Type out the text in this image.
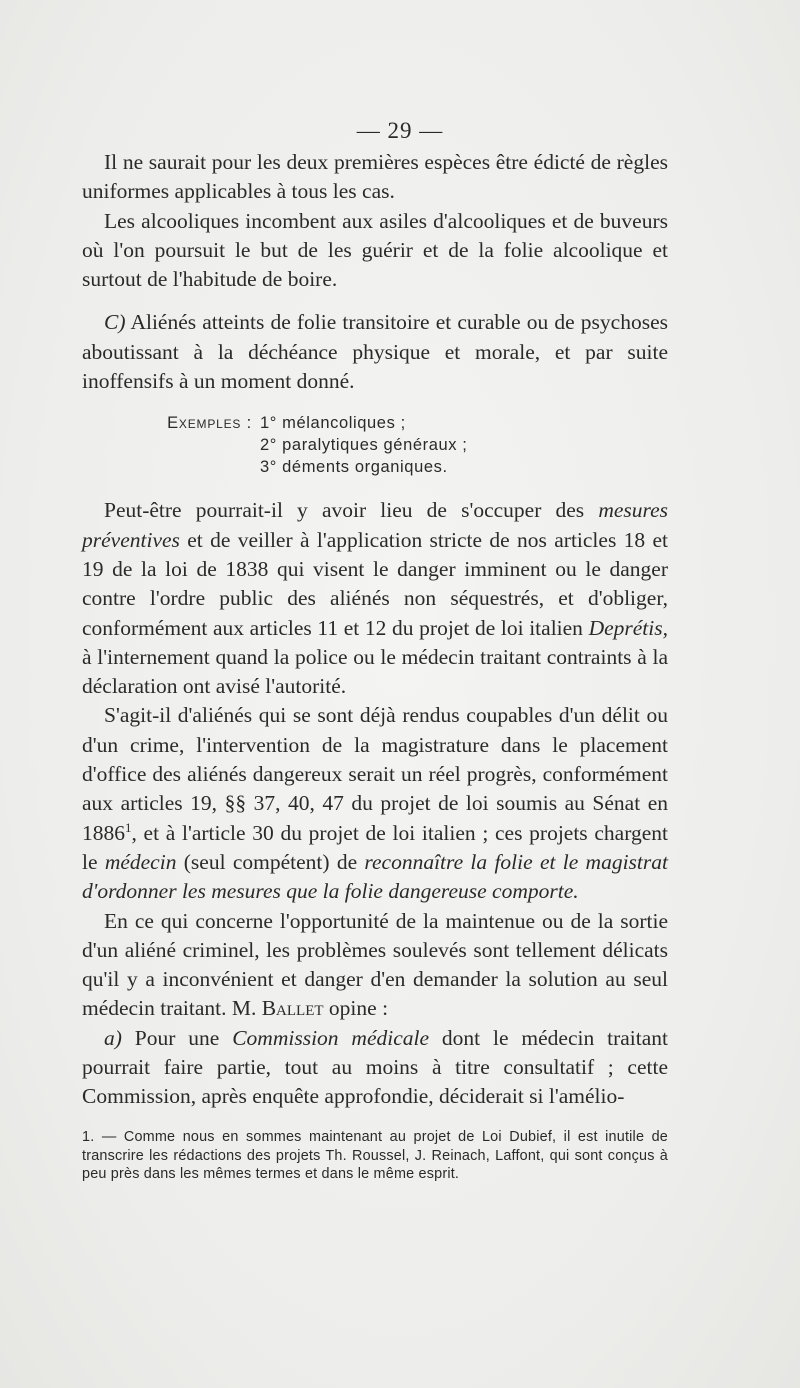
— 29 —

Il ne saurait pour les deux premières espèces être édicté de règles uniformes applicables à tous les cas.

Les alcooliques incombent aux asiles d'alcooliques et de buveurs où l'on poursuit le but de les guérir et de la folie alcoolique et surtout de l'habitude de boire.

C) Aliénés atteints de folie transitoire et curable ou de psychoses aboutissant à la déchéance physique et morale, et par suite inoffensifs à un moment donné.

Exemples : 1° mélancoliques ;
2° paralytiques généraux ;
3° déments organiques.

Peut-être pourrait-il y avoir lieu de s'occuper des mesures préventives et de veiller à l'application stricte de nos articles 18 et 19 de la loi de 1838 qui visent le danger imminent ou le danger contre l'ordre public des aliénés non séquestrés, et d'obliger, conformément aux articles 11 et 12 du projet de loi italien Deprétis, à l'internement quand la police ou le médecin traitant contraints à la déclaration ont avisé l'autorité.

S'agit-il d'aliénés qui se sont déjà rendus coupables d'un délit ou d'un crime, l'intervention de la magistrature dans le placement d'office des aliénés dangereux serait un réel progrès, conformément aux articles 19, §§ 37, 40, 47 du projet de loi soumis au Sénat en 1886$^1$, et à l'article 30 du projet de loi italien ; ces projets chargent le médecin (seul compétent) de reconnaître la folie et le magistrat d'ordonner les mesures que la folie dangereuse comporte.

En ce qui concerne l'opportunité de la maintenue ou de la sortie d'un aliéné criminel, les problèmes soulevés sont tellement délicats qu'il y a inconvénient et danger d'en demander la solution au seul médecin traitant. M. Ballet opine :

a) Pour une Commission médicale dont le médecin traitant pourrait faire partie, tout au moins à titre consultatif ; cette Commission, après enquête approfondie, déciderait si l'amélio-

1. — Comme nous en sommes maintenant au projet de Loi Dubief, il est inutile de transcrire les rédactions des projets Th. Roussel, J. Reinach, Laffont, qui sont conçus à peu près dans les mêmes termes et dans le même esprit.
